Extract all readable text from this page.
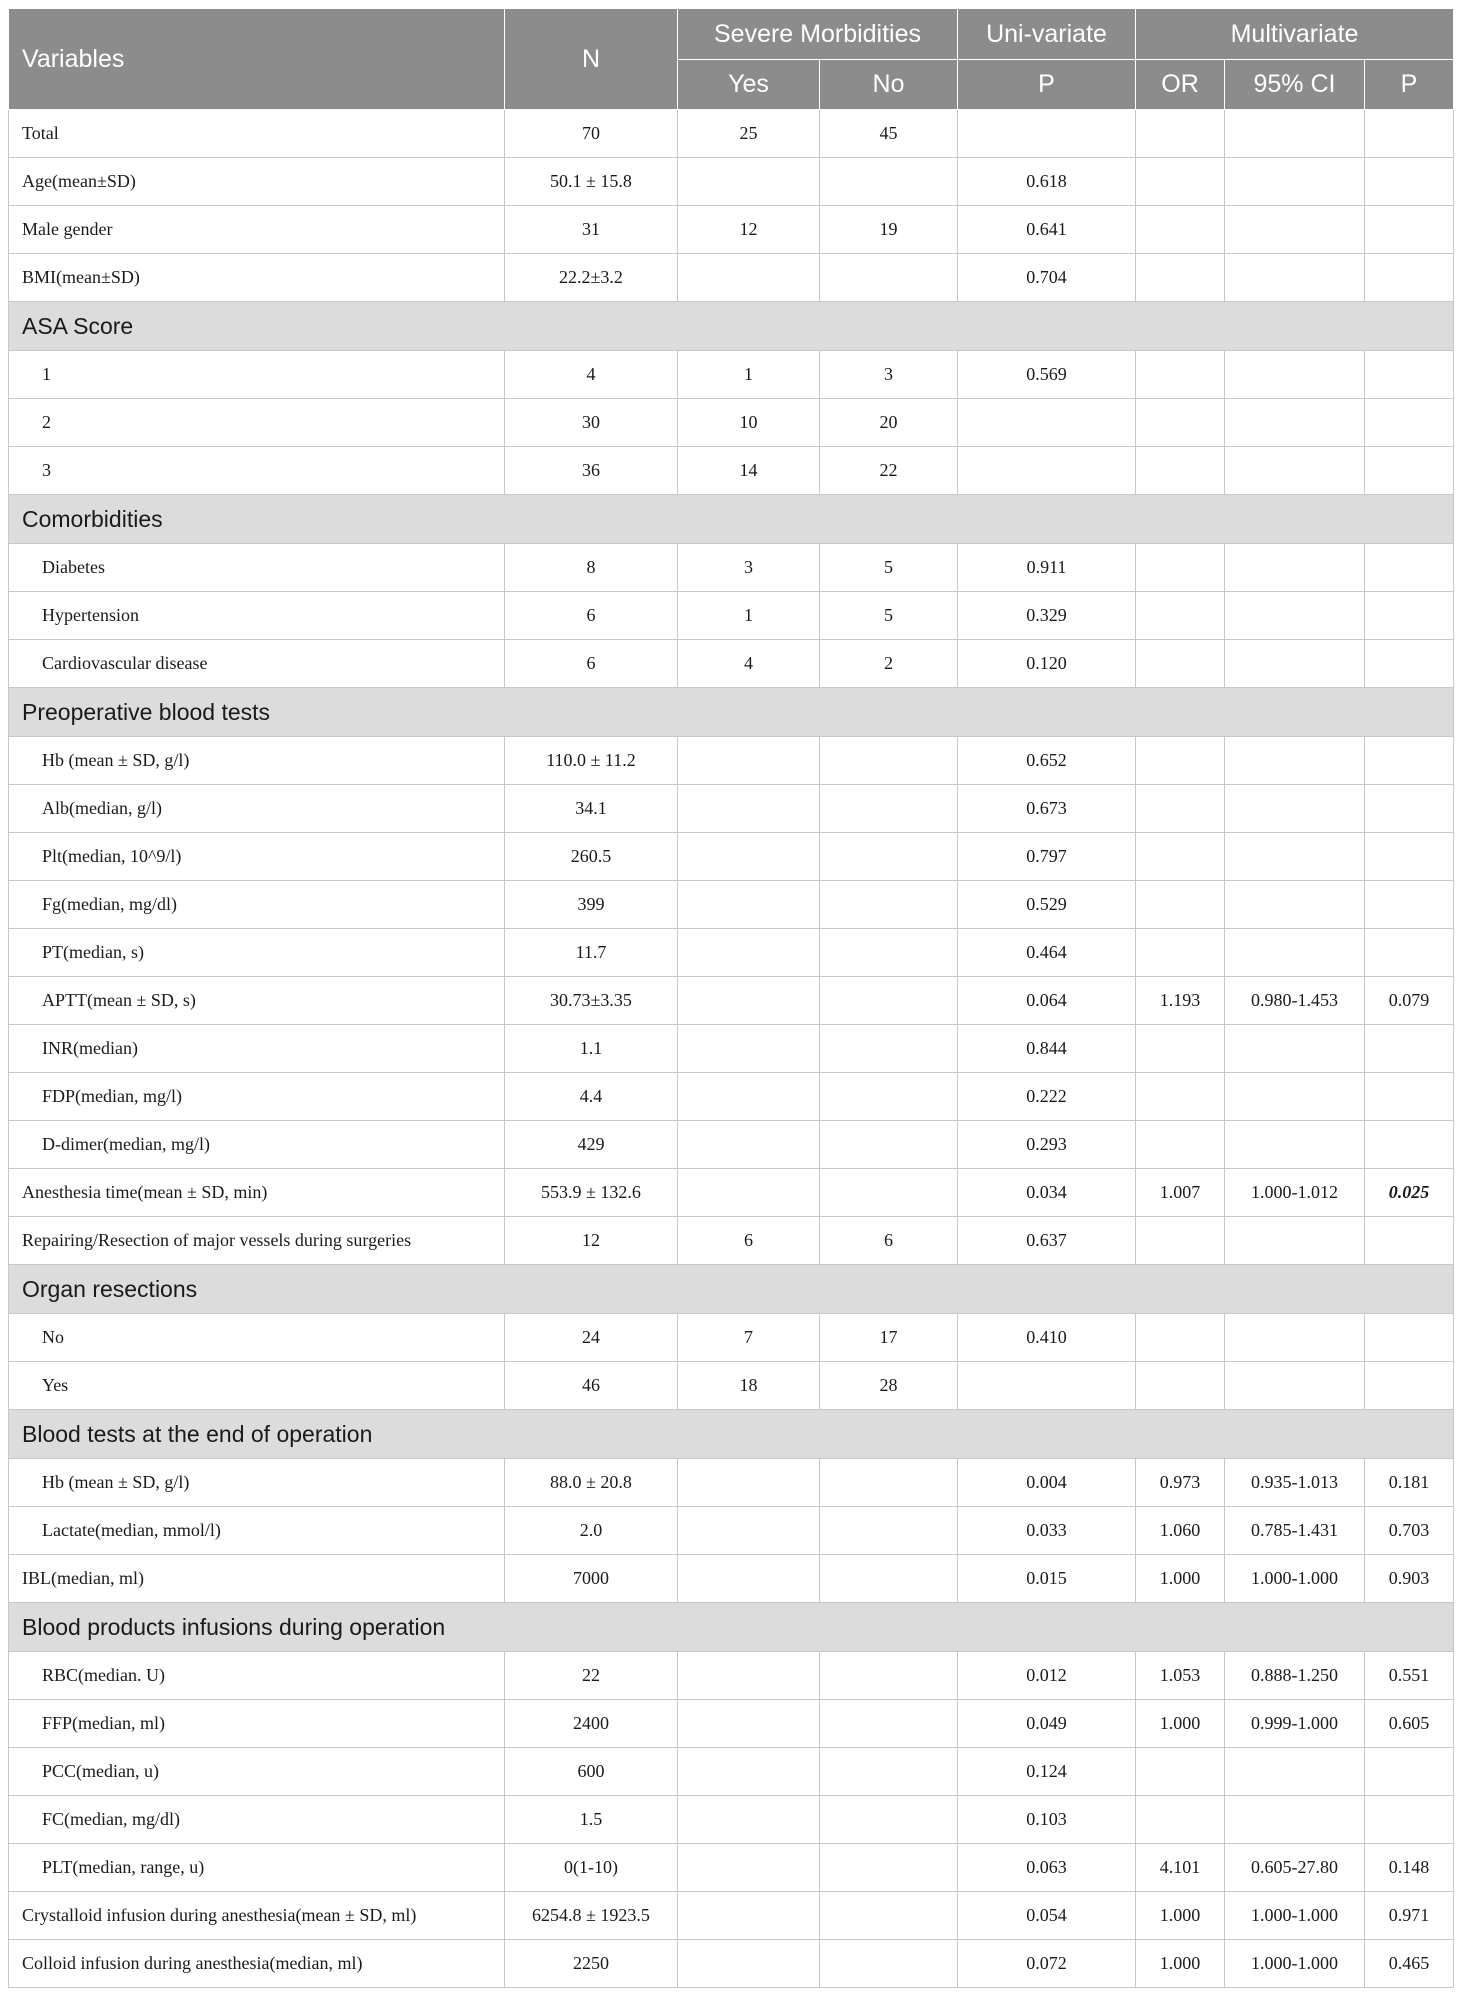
Variables	N	Severe Morbidities		Uni-variate	Multivariate		
		Yes	No	P	OR	95% CI	P
Total	70	25	45				
Age(mean±SD)	50.1 ± 15.8			0.618			
Male gender	31	12	19	0.641			
BMI(mean±SD)	22.2±3.2			0.704			
ASA Score							
1	4	1	3	0.569			
2	30	10	20				
3	36	14	22				
Comorbidities							
Diabetes	8	3	5	0.911			
Hypertension	6	1	5	0.329			
Cardiovascular disease	6	4	2	0.120			
Preoperative blood tests							
Hb (mean ± SD, g/l)	110.0 ± 11.2			0.652			
Alb(median, g/l)	34.1			0.673			
Plt(median, 10^9/l)	260.5			0.797			
Fg(median, mg/dl)	399			0.529			
PT(median, s)	11.7			0.464			
APTT(mean ± SD, s)	30.73±3.35			0.064	1.193	0.980-1.453	0.079
INR(median)	1.1			0.844			
FDP(median, mg/l)	4.4			0.222			
D-dimer(median, mg/l)	429			0.293			
Anesthesia time(mean ± SD, min)	553.9 ± 132.6			0.034	1.007	1.000-1.012	0.025
Repairing/Resection of major vessels during surgeries	12	6	6	0.637			
Organ resections							
No	24	7	17	0.410			
Yes	46	18	28				
Blood tests at the end of operation							
Hb (mean ± SD, g/l)	88.0 ± 20.8			0.004	0.973	0.935-1.013	0.181
Lactate(median, mmol/l)	2.0			0.033	1.060	0.785-1.431	0.703
IBL(median, ml)	7000			0.015	1.000	1.000-1.000	0.903
Blood products infusions during operation							
RBC(median. U)	22			0.012	1.053	0.888-1.250	0.551
FFP(median, ml)	2400			0.049	1.000	0.999-1.000	0.605
PCC(median, u)	600			0.124			
FC(median, mg/dl)	1.5			0.103			
PLT(median, range, u)	0(1-10)			0.063	4.101	0.605-27.80	0.148
Crystalloid infusion during anesthesia(mean ± SD, ml)	6254.8 ± 1923.5			0.054	1.000	1.000-1.000	0.971
Colloid infusion during anesthesia(median, ml)	2250			0.072	1.000	1.000-1.000	0.465
